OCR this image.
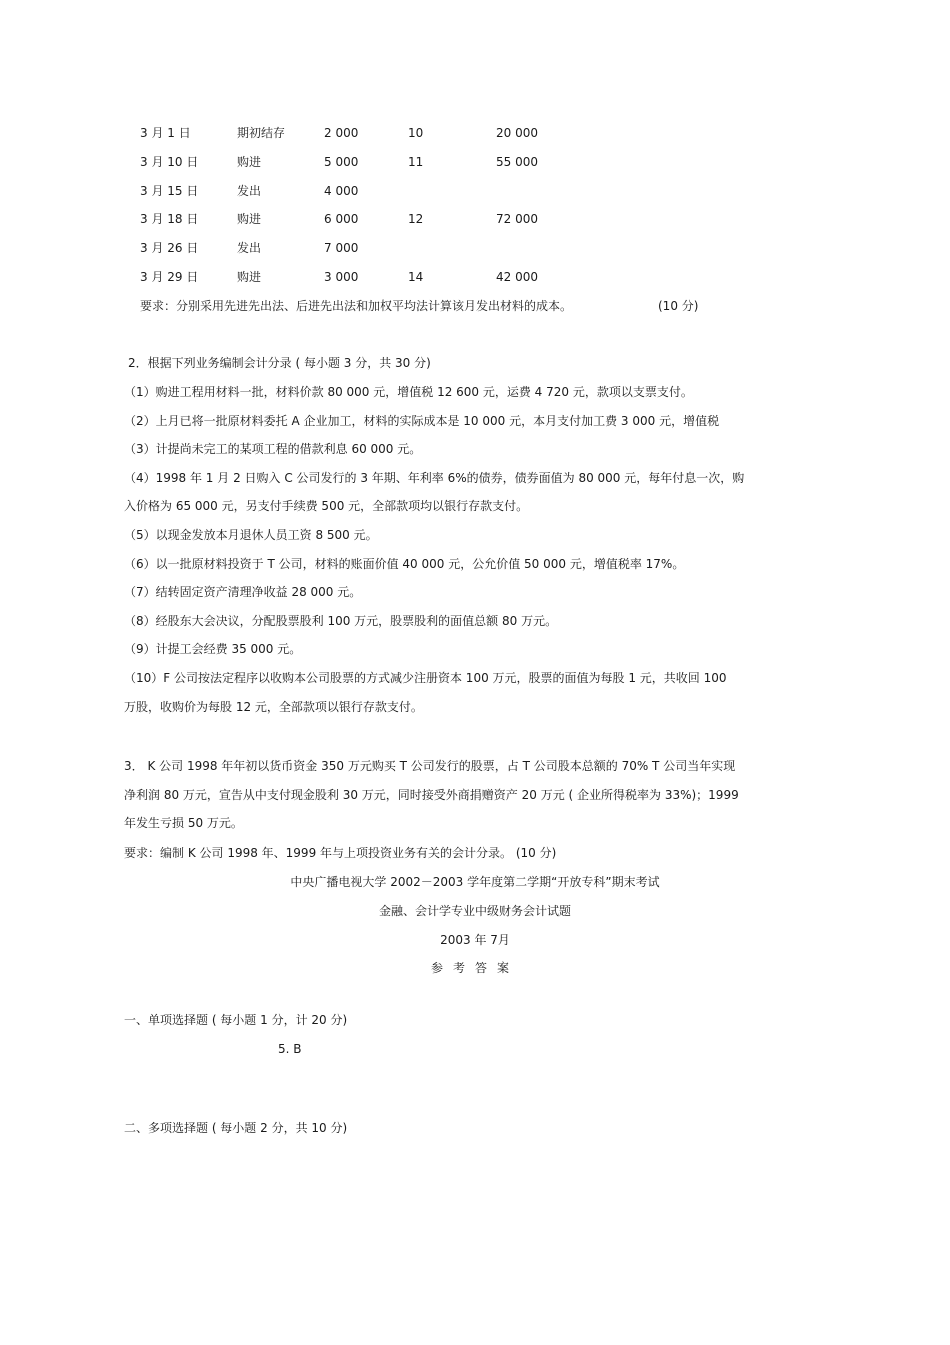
3 月 1 日	期初结存	2 000	10	20 000
3 月 10 日	购进	5 000	11	55 000
3 月 15 日	发出	4 000
3 月 18 日	购进	6 000	12	72 000
3 月 26 日	发出	7 000
3 月 29 日	购进	3 000	14	42 000
要求：分别采用先进先出法、后进先出法和加权平均法计算该月发出材料的成本。	(10 分)
2．根据下列业务编制会计分录 ( 每小题 3 分，共 30 分)
（1）购进工程用材料一批，材料价款 80 000 元，增值税 12 600 元，运费 4 720 元，款项以支票支付。
（2）上月已将一批原材料委托 A 企业加工，材料的实际成本是 10 000 元，本月支付加工费 3 000 元，增值税
（3）计提尚未完工的某项工程的借款利息 60 000 元。
（4）1998 年 1 月 2 日购入 C 公司发行的 3 年期、年利率 6%的债券，债券面值为 80 000 元，每年付息一次，购
入价格为 65 000 元，另支付手续费 500 元，全部款项均以银行存款支付。
（5）以现金发放本月退休人员工资 8 500 元。
（6）以一批原材料投资于 T 公司，材料的账面价值 40 000 元，公允价值 50 000 元，增值税率 17%。
（7）结转固定资产清理净收益 28 000 元。
（8）经股东大会决议，分配股票股利 100 万元，股票股利的面值总额 80 万元。
（9）计提工会经费 35 000 元。
（10）F 公司按法定程序以收购本公司股票的方式减少注册资本 100 万元，股票的面值为每股 1 元，共收回 100
万股，收购价为每股 12 元，全部款项以银行存款支付。
3． K 公司 1998 年年初以货币资金 350 万元购买 T 公司发行的股票，占 T 公司股本总额的 70% T 公司当年实现
净利润 80 万元，宣告从中支付现金股利 30 万元，同时接受外商捐赠资产 20 万元 ( 企业所得税率为 33%)；1999
年发生亏损 50 万元。
要求：编制 K 公司 1998 年、1999 年与上项投资业务有关的会计分录。 (10 分)
中央广播电视大学 2002－2003 学年度第二学期“开放专科”期末考试
金融、会计学专业中级财务会计试题
2003 年 7月
参考答案
一、单项选择题 ( 每小题 1 分，计 20 分)
5. B
二、多项选择题 ( 每小题 2 分，共 10 分)
